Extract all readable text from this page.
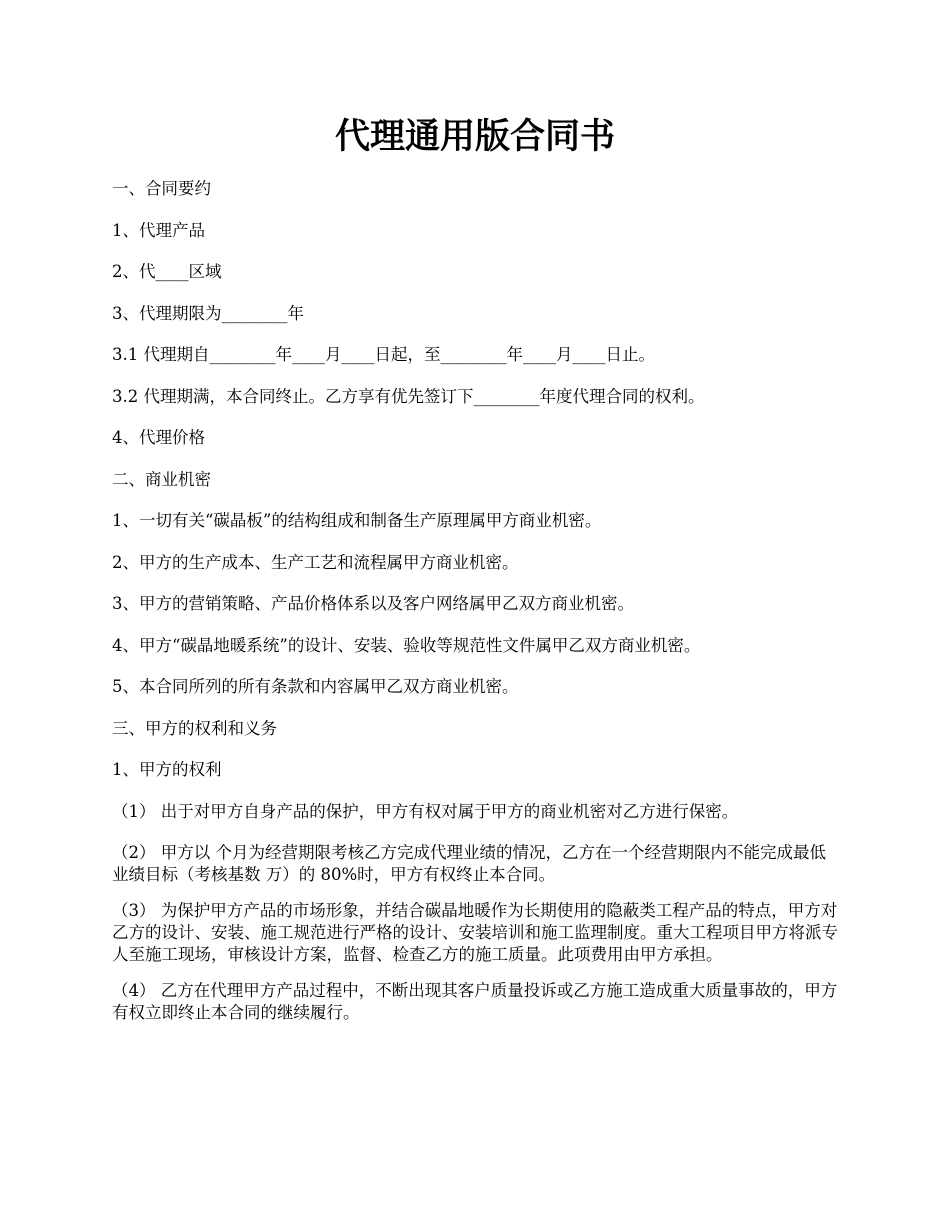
代理通用版合同书

一、合同要约

1、代理产品

2、代____区域

3、代理期限为________年

3.1 代理期自________年____月____日起，至________年____月____日止。

3.2 代理期满，本合同终止。乙方享有优先签订下________年度代理合同的权利。

4、代理价格

二、商业机密

1、一切有关“碳晶板”的结构组成和制备生产原理属甲方商业机密。

2、甲方的生产成本、生产工艺和流程属甲方商业机密。

3、甲方的营销策略、产品价格体系以及客户网络属甲乙双方商业机密。

4、甲方“碳晶地暖系统”的设计、安装、验收等规范性文件属甲乙双方商业机密。

5、本合同所列的所有条款和内容属甲乙双方商业机密。

三、甲方的权利和义务

1、甲方的权利

（1） 出于对甲方自身产品的保护，甲方有权对属于甲方的商业机密对乙方进行保密。

（2） 甲方以 个月为经营期限考核乙方完成代理业绩的情况，乙方在一个经营期限内不能完成最低业绩目标（考核基数 万）的 80%时，甲方有权终止本合同。

（3） 为保护甲方产品的市场形象，并结合碳晶地暖作为长期使用的隐蔽类工程产品的特点，甲方对乙方的设计、安装、施工规范进行严格的设计、安装培训和施工监理制度。重大工程项目甲方将派专人至施工现场，审核设计方案，监督、检查乙方的施工质量。此项费用由甲方承担。

（4） 乙方在代理甲方产品过程中，不断出现其客户质量投诉或乙方施工造成重大质量事故的，甲方有权立即终止本合同的继续履行。
